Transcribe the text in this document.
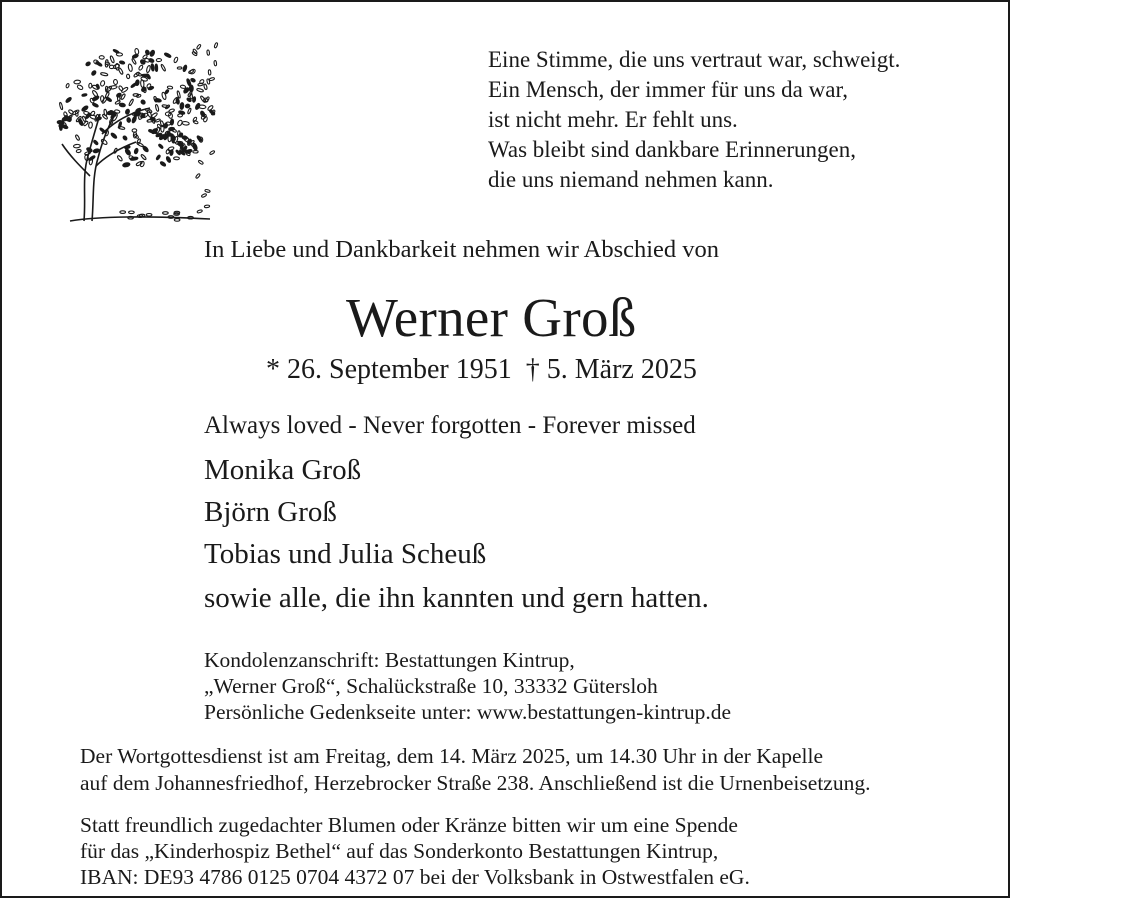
Eine Stimme, die uns vertraut war, schweigt.
Ein Mensch, der immer für uns da war,
ist nicht mehr. Er fehlt uns.
Was bleibt sind dankbare Erinnerungen,
die uns niemand nehmen kann.
In Liebe und Dankbarkeit nehmen wir Abschied von
Werner Groß
* 26. September 1951  † 5. März 2025
Always loved - Never forgotten - Forever missed
Monika Groß
Björn Groß
Tobias und Julia Scheuß
sowie alle, die ihn kannten und gern hatten.
Kondolenzanschrift: Bestattungen Kintrup,
„Werner Groß“, Schalückstraße 10, 33332 Gütersloh
Persönliche Gedenkseite unter: www.bestattungen-kintrup.de
Der Wortgottesdienst ist am Freitag, dem 14. März 2025, um 14.30 Uhr in der Kapelle
auf dem Johannesfriedhof, Herzebrocker Straße 238. Anschließend ist die Urnenbeisetzung.
Statt freundlich zugedachter Blumen oder Kränze bitten wir um eine Spende
für das „Kinderhospiz Bethel“ auf das Sonderkonto Bestattungen Kintrup,
IBAN: DE93 4786 0125 0704 4372 07 bei der Volksbank in Ostwestfalen eG.
